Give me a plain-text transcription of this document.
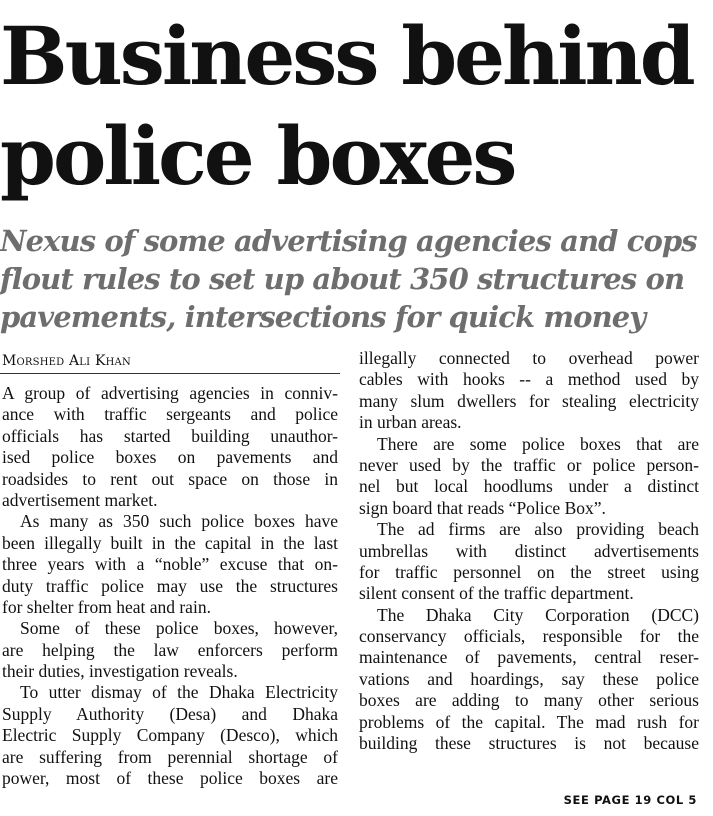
Business behind
police boxes
Nexus of some advertising agencies and cops
flout rules to set up about 350 structures on
pavements, intersections for quick money
Morshed Ali Khan
A group of advertising agencies in conniv-
ance with traffic sergeants and police
officials has started building unauthor-
ised police boxes on pavements and
roadsides to rent out space on those in
advertisement market.
As many as 350 such police boxes have
been illegally built in the capital in the last
three years with a “noble” excuse that on-
duty traffic police may use the structures
for shelter from heat and rain.
Some of these police boxes, however,
are helping the law enforcers perform
their duties, investigation reveals.
To utter dismay of the Dhaka Electricity
Supply Authority (Desa) and Dhaka
Electric Supply Company (Desco), which
are suffering from perennial shortage of
power, most of these police boxes are
illegally connected to overhead power
cables with hooks -- a method used by
many slum dwellers for stealing electricity
in urban areas.
There are some police boxes that are
never used by the traffic or police person-
nel but local hoodlums under a distinct
sign board that reads “Police Box”.
The ad firms are also providing beach
umbrellas with distinct advertisements
for traffic personnel on the street using
silent consent of the traffic department.
The Dhaka City Corporation (DCC)
conservancy officials, responsible for the
maintenance of pavements, central reser-
vations and hoardings, say these police
boxes are adding to many other serious
problems of the capital. The mad rush for
building these structures is not because
SEE PAGE 19 COL 5
